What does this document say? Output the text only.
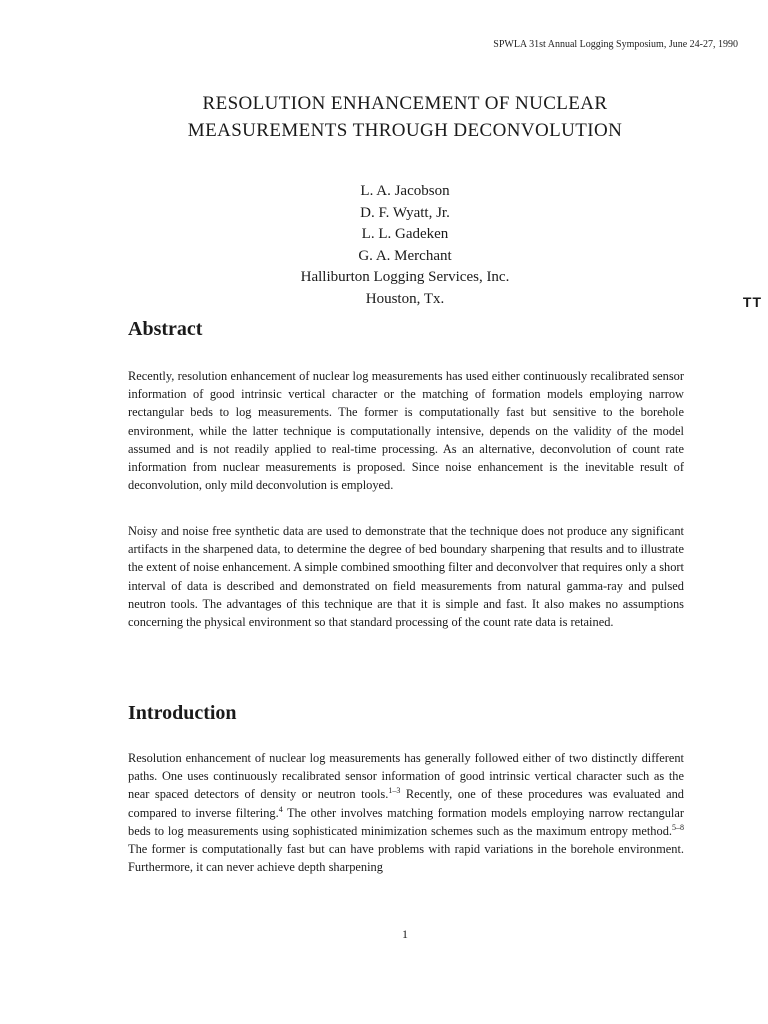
SPWLA 31st Annual Logging Symposium, June 24-27, 1990
RESOLUTION ENHANCEMENT OF NUCLEAR
MEASUREMENTS THROUGH DECONVOLUTION
L. A. Jacobson
D. F. Wyatt, Jr.
L. L. Gadeken
G. A. Merchant
Halliburton Logging Services, Inc.
Houston, Tx.	TT
Abstract
Recently, resolution enhancement of nuclear log measurements has used either continuously recalibrated sensor information of good intrinsic vertical character or the matching of formation models employing narrow rectangular beds to log measurements. The former is computationally fast but sensitive to the borehole environment, while the latter technique is computationally intensive, depends on the validity of the model assumed and is not readily applied to real-time processing. As an alternative, deconvolution of count rate information from nuclear measurements is proposed. Since noise enhancement is the inevitable result of deconvolution, only mild deconvolution is employed.
Noisy and noise free synthetic data are used to demonstrate that the technique does not produce any significant artifacts in the sharpened data, to determine the degree of bed boundary sharpening that results and to illustrate the extent of noise enhancement. A simple combined smoothing filter and deconvolver that requires only a short interval of data is described and demonstrated on field measurements from natural gamma-ray and pulsed neutron tools. The advantages of this technique are that it is simple and fast. It also makes no assumptions concerning the physical environment so that standard processing of the count rate data is retained.
Introduction
Resolution enhancement of nuclear log measurements has generally followed either of two distinctly different paths. One uses continuously recalibrated sensor information of good intrinsic vertical character such as the near spaced detectors of density or neutron tools.$^{1-3}$ Recently, one of these procedures was evaluated and compared to inverse filtering.$^4$ The other involves matching formation models employing narrow rectangular beds to log measurements using sophisticated minimization schemes such as the maximum entropy method.$^{5-8}$ The former is computationally fast but can have problems with rapid variations in the borehole environment. Furthermore, it can never achieve depth sharpening
1
